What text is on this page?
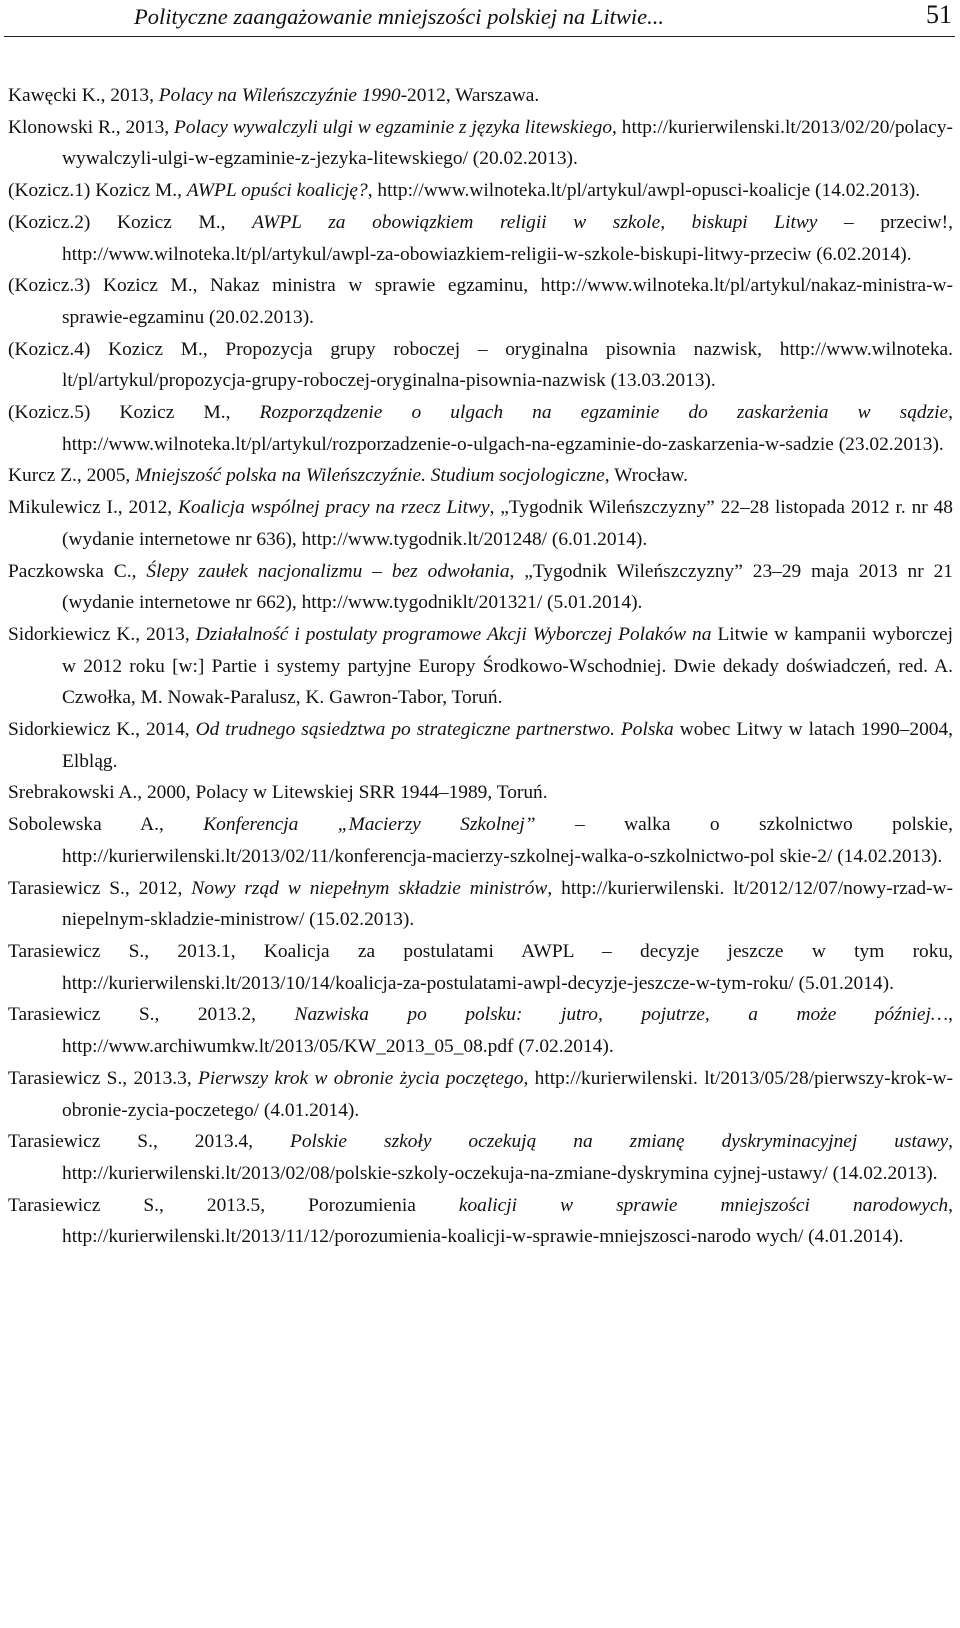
Polityczne zaangażowanie mniejszości polskiej na Litwie...	51

Kawęcki K., 2013, Polacy na Wileńszczyźnie 1990-2012, Warszawa.

Klonowski R., 2013, Polacy wywalczyli ulgi w egzaminie z języka litewskiego, http://kurierwilenski.lt/2013/02/20/polacy-wywalczyli-ulgi-w-egzaminie-z-jezyka-litewskiego/ (20.02.2013).

(Kozicz.1) Kozicz M., AWPL opuści koalicję?, http://www.wilnoteka.lt/pl/artykul/awpl-opusci-koalicje (14.02.2013).

(Kozicz.2) Kozicz M., AWPL za obowiązkiem religii w szkole, biskupi Litwy – przeciw!, http://www.wilnoteka.lt/pl/artykul/awpl-za-obowiazkiem-religii-w-szkole-biskupi-litwy-przeciw (6.02.2014).

(Kozicz.3) Kozicz M., Nakaz ministra w sprawie egzaminu, http://www.wilnoteka.lt/pl/artykul/nakaz-ministra-w-sprawie-egzaminu (20.02.2013).

(Kozicz.4) Kozicz M., Propozycja grupy roboczej – oryginalna pisownia nazwisk, http://www.wilnoteka. lt/pl/artykul/propozycja-grupy-roboczej-oryginalna-pisownia-nazwisk (13.03.2013).

(Kozicz.5) Kozicz M., Rozporządzenie o ulgach na egzaminie do zaskarżenia w sądzie, http://www.wilnoteka.lt/pl/artykul/rozporzadzenie-o-ulgach-na-egzaminie-do-zaskarzenia-w-sadzie (23.02.2013).

Kurcz Z., 2005, Mniejszość polska na Wileńszczyźnie. Studium socjologiczne, Wrocław.

Mikulewicz I., 2012, Koalicja wspólnej pracy na rzecz Litwy, „Tygodnik Wileńszczyzny” 22–28 listopada 2012 r. nr 48 (wydanie internetowe nr 636), http://www.tygodnik.lt/201248/ (6.01.2014).

Paczkowska C., Ślepy zaułek nacjonalizmu – bez odwołania, „Tygodnik Wileńszczyzny” 23–29 maja 2013 nr 21 (wydanie internetowe nr 662), http://www.tygodniklt/201321/ (5.01.2014).

Sidorkiewicz K., 2013, Działalność i postulaty programowe Akcji Wyborczej Polaków na Litwie w kampanii wyborczej w 2012 roku [w:] Partie i systemy partyjne Europy Środkowo-Wschodniej. Dwie dekady doświadczeń, red. A. Czwołka, M. Nowak-Paralusz, K. Gawron-Tabor, Toruń.

Sidorkiewicz K., 2014, Od trudnego sąsiedztwa po strategiczne partnerstwo. Polska wobec Litwy w latach 1990–2004, Elbląg.

Srebrakowski A., 2000, Polacy w Litewskiej SRR 1944–1989, Toruń.

Sobolewska A., Konferencja „Macierzy Szkolnej” – walka o szkolnictwo polskie, http://kurierwilenski.lt/2013/02/11/konferencja-macierzy-szkolnej-walka-o-szkolnictwo-pol skie-2/ (14.02.2013).

Tarasiewicz S., 2012, Nowy rząd w niepełnym składzie ministrów, http://kurierwilenski. lt/2012/12/07/nowy-rzad-w-niepelnym-skladzie-ministrow/ (15.02.2013).

Tarasiewicz S., 2013.1, Koalicja za postulatami AWPL – decyzje jeszcze w tym roku, http://kurierwilenski.lt/2013/10/14/koalicja-za-postulatami-awpl-decyzje-jeszcze-w-tym-roku/ (5.01.2014).

Tarasiewicz S., 2013.2, Nazwiska po polsku: jutro, pojutrze, a może później…, http://www.archiwumkw.lt/2013/05/KW_2013_05_08.pdf (7.02.2014).

Tarasiewicz S., 2013.3, Pierwszy krok w obronie życia poczętego, http://kurierwilenski. lt/2013/05/28/pierwszy-krok-w-obronie-zycia-poczetego/ (4.01.2014).

Tarasiewicz S., 2013.4, Polskie szkoły oczekują na zmianę dyskryminacyjnej ustawy, http://kurierwilenski.lt/2013/02/08/polskie-szkoly-oczekuja-na-zmiane-dyskrymina cyjnej-ustawy/ (14.02.2013).

Tarasiewicz S., 2013.5, Porozumienia koalicji w sprawie mniejszości narodowych, http://kurierwilenski.lt/2013/11/12/porozumienia-koalicji-w-sprawie-mniejszosci-narodo wych/ (4.01.2014).
